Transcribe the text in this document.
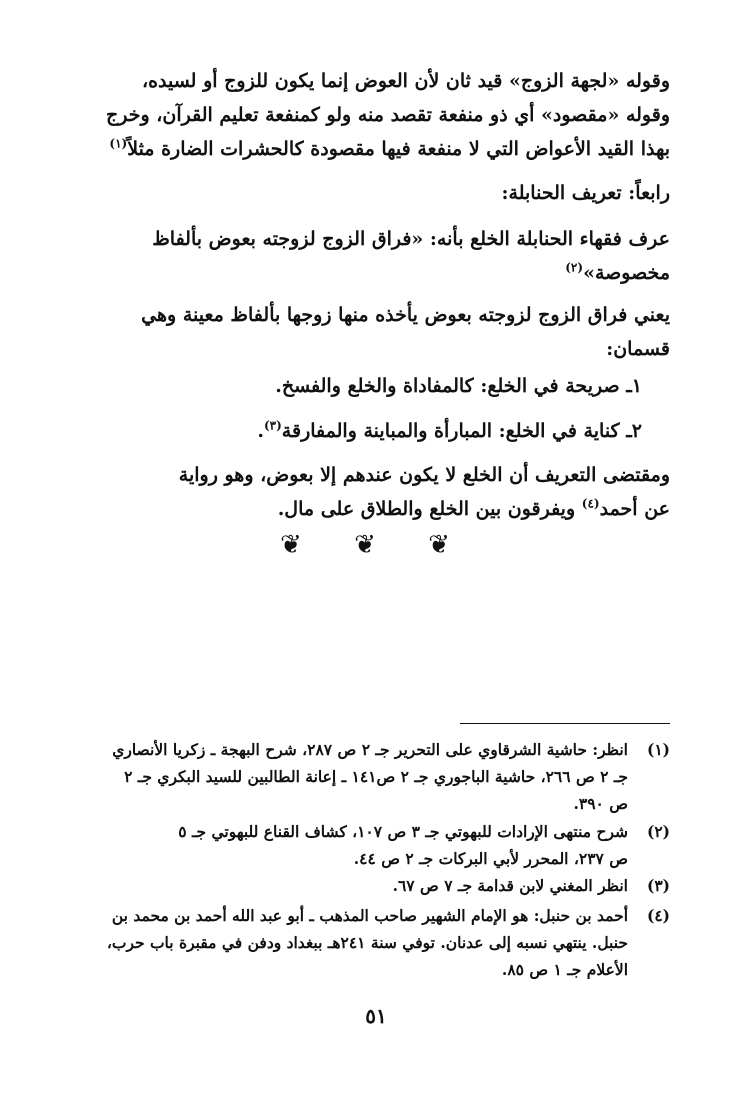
وقوله «لجهة الزوج» قيد ثان لأن العوض إنما يكون للزوج أو لسيده،
وقوله «مقصود» أي ذو منفعة تقصد منه ولو كمنفعة تعليم القرآن، وخرج
بهذا القيد الأعواض التي لا منفعة فيها مقصودة كالحشرات الضارة مثلاً$^{(١)}$
رابعاً: تعريف الحنابلة:
عرف فقهاء الحنابلة الخلع بأنه: «فراق الزوج لزوجته بعوض بألفاظ
مخصوصة»$^{(٢)}$
يعني فراق الزوج لزوجته بعوض يأخذه منها زوجها بألفاظ معينة وهي
قسمان:
١ـ صريحة في الخلع: كالمفاداة والخلع والفسخ.
٢ـ كناية في الخلع: المبارأة والمباينة والمفارقة$^{(٣)}$.
ومقتضى التعريف أن الخلع لا يكون عندهم إلا بعوض، وهو رواية
عن أحمد$^{(٤)}$ ويفرقون بين الخلع والطلاق على مال.
❦ ❦ ❦
(١)
انظر: حاشية الشرقاوي على التحرير جـ ٢ ص ٢٨٧، شرح البهجة ـ زكريا الأنصاري
جـ ٢ ص ٢٦٦، حاشية الباجوري جـ ٢ ص١٤١ ـ إعانة الطالبين للسيد البكري جـ ٢
ص ٣٩٠.
(٢)
شرح منتهى الإرادات للبهوتي جـ ٣ ص ١٠٧، كشاف القناع للبهوتي جـ ٥
ص ٢٣٧، المحرر لأبي البركات جـ ٢ ص ٤٤.
(٣)
انظر المغني لابن قدامة جـ ٧ ص ٦٧.
(٤)
أحمد بن حنبل: هو الإمام الشهير صاحب المذهب ـ أبو عبد الله أحمد بن محمد بن
حنبل. ينتهي نسبه إلى عدنان. توفي سنة ٢٤١هـ ببغداد ودفن في مقبرة باب حرب،
الأعلام جـ ١ ص ٨٥.
٥١
